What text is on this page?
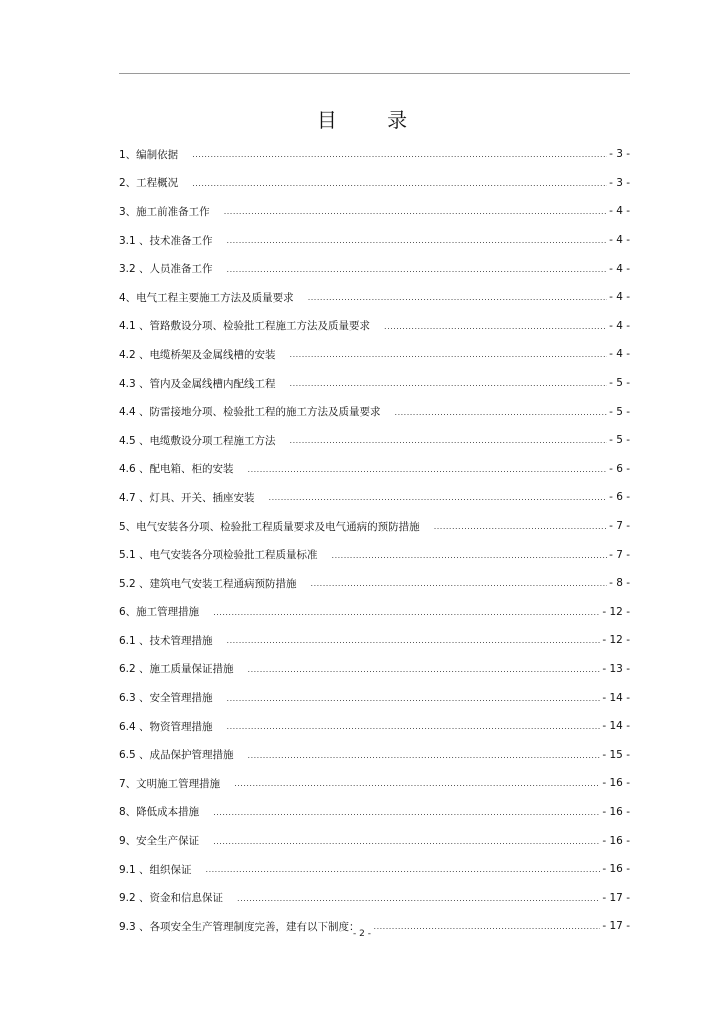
目 录
1、编制依据 .....	- 3 -
2、工程概况 .....	- 3 -
3、施工前准备工作 .....	- 4 -
3.1 、技术准备工作 .....	- 4 -
3.2 、人员准备工作 .....	- 4 -
4、电气工程主要施工方法及质量要求 .....	- 4 -
4.1 、管路敷设分项、检验批工程施工方法及质量要求 .....	- 4 -
4.2 、电缆桥架及金属线槽的安装 .....	- 4 -
4.3 、管内及金属线槽内配线工程 .....	- 5 -
4.4 、防雷接地分项、检验批工程的施工方法及质量要求 .....	- 5 -
4.5 、电缆敷设分项工程施工方法 .....	- 5 -
4.6 、配电箱、柜的安装 .....	- 6 -
4.7 、灯具、开关、插座安装 .....	- 6 -
5、电气安装各分项、检验批工程质量要求及电气通病的预防措施 .....	- 7 -
5.1 、电气安装各分项检验批工程质量标准 .....	- 7 -
5.2 、建筑电气安装工程通病预防措施 .....	- 8 -
6、施工管理措施 .....	- 12 -
6.1 、技术管理措施 .....	- 12 -
6.2 、施工质量保证措施 .....	- 13 -
6.3 、安全管理措施 .....	- 14 -
6.4 、物资管理措施 .....	- 14 -
6.5 、成品保护管理措施 .....	- 15 -
7、文明施工管理措施 .....	- 16 -
8、降低成本措施 .....	- 16 -
9、安全生产保证 .....	- 16 -
9.1 、组织保证 .....	- 16 -
9.2 、资金和信息保证 .....	- 17 -
9.3 、各项安全生产管理制度完善，建有以下制度： .....	- 17 -
- 2 -
